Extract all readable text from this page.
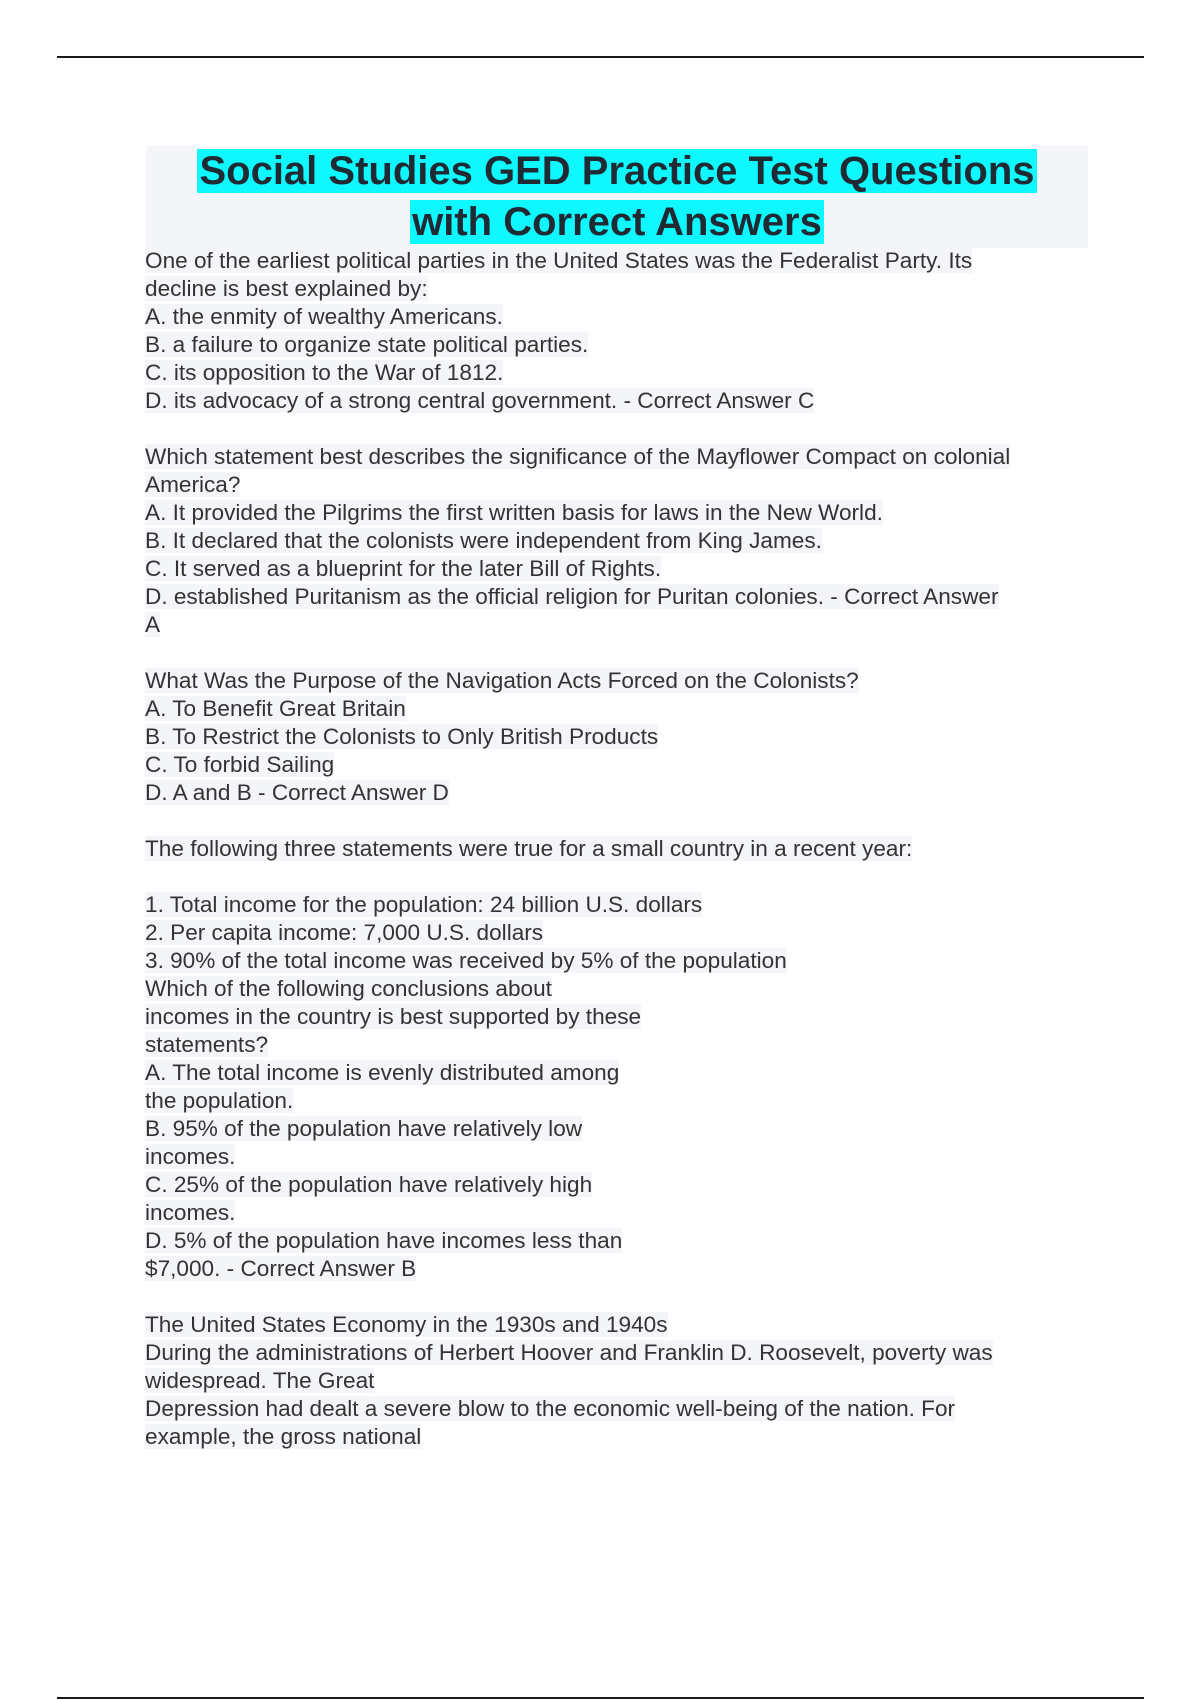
Social Studies GED Practice Test Questions
with Correct Answers
One of the earliest political parties in the United States was the Federalist Party. Its
decline is best explained by:
A. the enmity of wealthy Americans.
B. a failure to organize state political parties.
C. its opposition to the War of 1812.
D. its advocacy of a strong central government. - Correct Answer C
Which statement best describes the significance of the Mayflower Compact on colonial
America?
A. It provided the Pilgrims the first written basis for laws in the New World.
B. It declared that the colonists were independent from King James.
C. It served as a blueprint for the later Bill of Rights.
D. established Puritanism as the official religion for Puritan colonies. - Correct Answer
A
What Was the Purpose of the Navigation Acts Forced on the Colonists?
A. To Benefit Great Britain
B. To Restrict the Colonists to Only British Products
C. To forbid Sailing
D. A and B - Correct Answer D
The following three statements were true for a small country in a recent year:
1. Total income for the population: 24 billion U.S. dollars
2. Per capita income: 7,000 U.S. dollars
3. 90% of the total income was received by 5% of the population
Which of the following conclusions about
incomes in the country is best supported by these
statements?
A. The total income is evenly distributed among
the population.
B. 95% of the population have relatively low
incomes.
C. 25% of the population have relatively high
incomes.
D. 5% of the population have incomes less than
$7,000. - Correct Answer B
The United States Economy in the 1930s and 1940s
During the administrations of Herbert Hoover and Franklin D. Roosevelt, poverty was
widespread. The Great
Depression had dealt a severe blow to the economic well-being of the nation. For
example, the gross national
